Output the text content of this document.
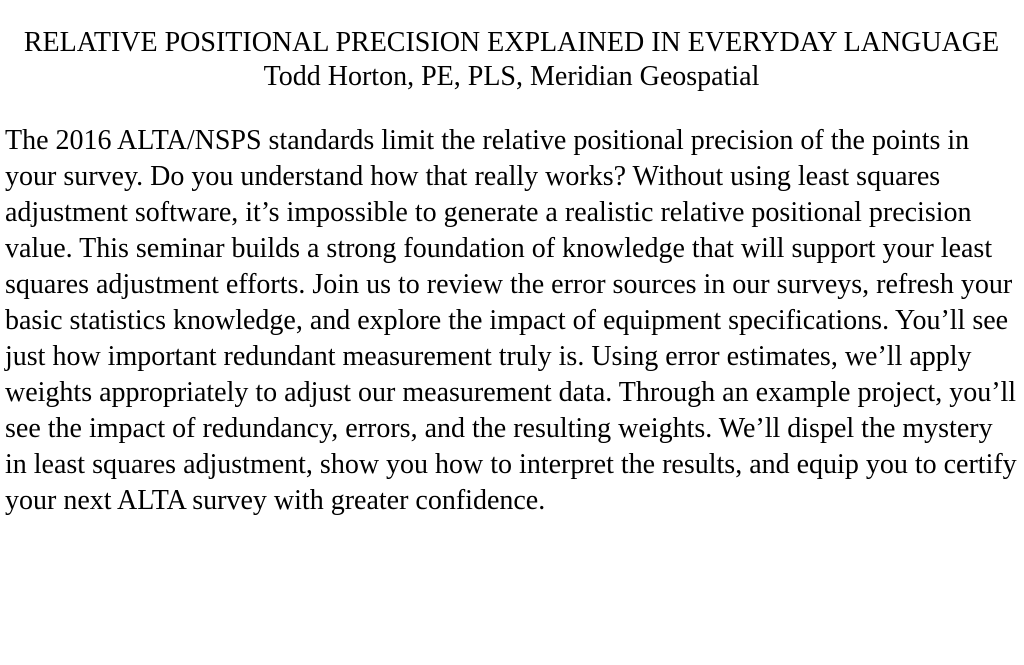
RELATIVE POSITIONAL PRECISION EXPLAINED IN EVERYDAY LANGUAGE

Todd Horton, PE, PLS, Meridian Geospatial

The 2016 ALTA/NSPS standards limit the relative positional precision of the points in your survey. Do you understand how that really works? Without using least squares adjustment software, it’s impossible to generate a realistic relative positional precision value. This seminar builds a strong foundation of knowledge that will support your least squares adjustment efforts. Join us to review the error sources in our surveys, refresh your basic statistics knowledge, and explore the impact of equipment specifications. You’ll see just how important redundant measurement truly is. Using error estimates, we’ll apply weights appropriately to adjust our measurement data. Through an example project, you’ll see the impact of redundancy, errors, and the resulting weights. We’ll dispel the mystery in least squares adjustment, show you how to interpret the results, and equip you to certify your next ALTA survey with greater confidence.
